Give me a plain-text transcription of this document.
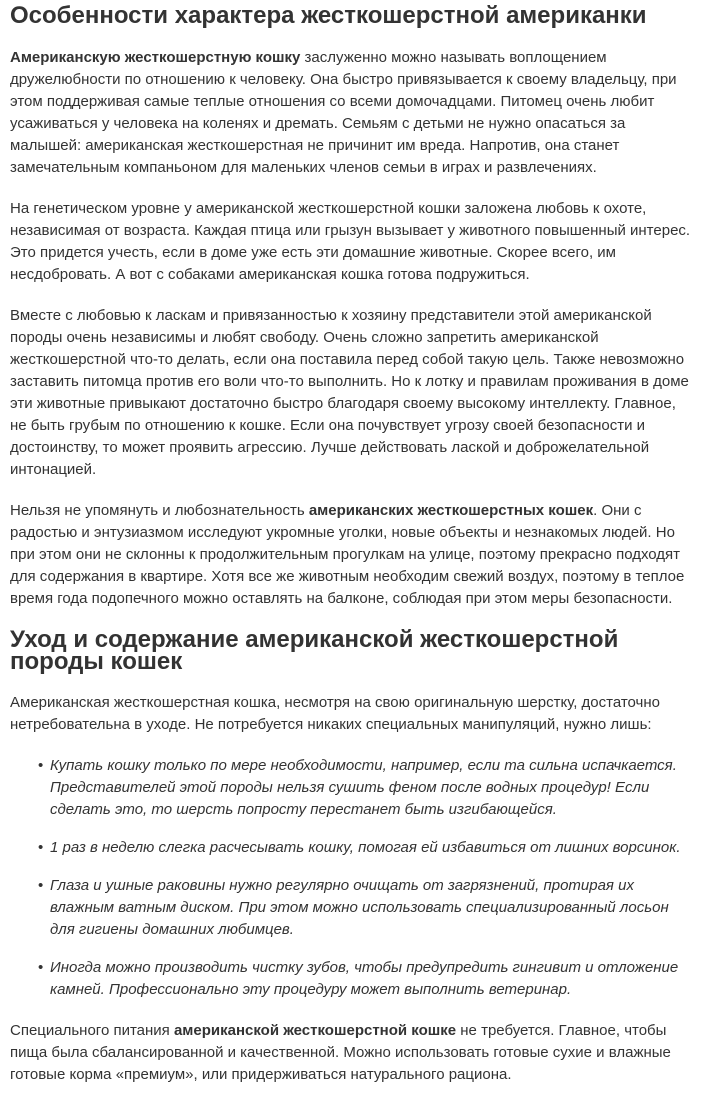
Особенности характера жесткошерстной американки

Американскую жесткошерстную кошку заслуженно можно называть воплощением дружелюбности по отношению к человеку. Она быстро привязывается к своему владельцу, при этом поддерживая самые теплые отношения со всеми домочадцами. Питомец очень любит усаживаться у человека на коленях и дремать. Семьям с детьми не нужно опасаться за малышей: американская жесткошерстная не причинит им вреда. Напротив, она станет замечательным компаньоном для маленьких членов семьи в играх и развлечениях.

На генетическом уровне у американской жесткошерстной кошки заложена любовь к охоте, независимая от возраста. Каждая птица или грызун вызывает у животного повышенный интерес. Это придется учесть, если в доме уже есть эти домашние животные. Скорее всего, им несдобровать. А вот с собаками американская кошка готова подружиться.

Вместе с любовью к ласкам и привязанностью к хозяину представители этой американской породы очень независимы и любят свободу. Очень сложно запретить американской жесткошерстной что-то делать, если она поставила перед собой такую цель. Также невозможно заставить питомца против его воли что-то выполнить. Но к лотку и правилам проживания в доме эти животные привыкают достаточно быстро благодаря своему высокому интеллекту. Главное, не быть грубым по отношению к кошке. Если она почувствует угрозу своей безопасности и достоинству, то может проявить агрессию. Лучше действовать лаской и доброжелательной интонацией.

Нельзя не упомянуть и любознательность американских жесткошерстных кошек. Они с радостью и энтузиазмом исследуют укромные уголки, новые объекты и незнакомых людей. Но при этом они не склонны к продолжительным прогулкам на улице, поэтому прекрасно подходят для содержания в квартире. Хотя все же животным необходим свежий воздух, поэтому в теплое время года подопечного можно оставлять на балконе, соблюдая при этом меры безопасности.

Уход и содержание американской жесткошерстной породы кошек

Американская жесткошерстная кошка, несмотря на свою оригинальную шерстку, достаточно нетребовательна в уходе. Не потребуется никаких специальных манипуляций, нужно лишь:

• Купать кошку только по мере необходимости, например, если та сильна испачкается. Представителей этой породы нельзя сушить феном после водных процедур! Если сделать это, то шерсть попросту перестанет быть изгибающейся.
• 1 раз в неделю слегка расчесывать кошку, помогая ей избавиться от лишних ворсинок.
• Глаза и ушные раковины нужно регулярно очищать от загрязнений, протирая их влажным ватным диском. При этом можно использовать специализированный лосьон для гигиены домашних любимцев.
• Иногда можно производить чистку зубов, чтобы предупредить гингивит и отложение камней. Профессионально эту процедуру может выполнить ветеринар.

Специального питания американской жесткошерстной кошке не требуется. Главное, чтобы пища была сбалансированной и качественной. Можно использовать готовые сухие и влажные готовые корма «премиум», или придерживаться натурального рациона.
